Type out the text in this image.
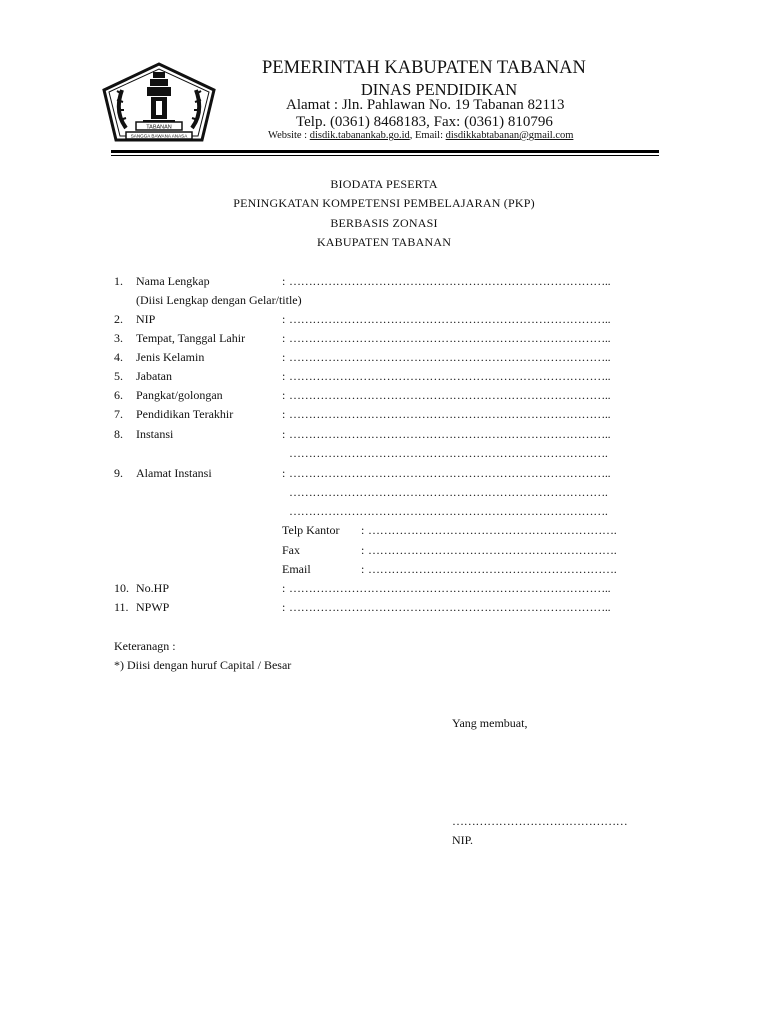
TABANAN
SANGGA BAWANA ANASA
PEMERINTAH KABUPATEN TABANAN
DINAS PENDIDIKAN
Alamat : Jln. Pahlawan No. 19 Tabanan 82113
Telp. (0361) 8468183, Fax: (0361) 810796
Website : disdik.tabanankab.go.id, Email: disdikkabtabanan@gmail.com
BIODATA PESERTA
PENINGKATAN KOMPETENSI PEMBELAJARAN (PKP)
BERBASIS ZONASI
KABUPATEN TABANAN
1. Nama Lengkap	: ………………………………………………………………………..
(Diisi Lengkap dengan Gelar/title)
2. NIP	: ………………………………………………………………………..
3. Tempat, Tanggal Lahir	: ………………………………………………………………………..
4. Jenis Kelamin	: ………………………………………………………………………..
5. Jabatan	: ………………………………………………………………………..
6. Pangkat/golongan	: ………………………………………………………………………..
7. Pendidikan Terakhir	: ………………………………………………………………………..
8. Instansi	: ………………………………………………………………………..
……………………………………………………………………….
9. Alamat Instansi	: ………………………………………………………………………..
……………………………………………………………………….
……………………………………………………………………….
Telp Kantor : ……………………………………………………….
Fax	: ……………………………………………………….
Email	: ……………………………………………………….
10. No.HP	: ………………………………………………………………………..
11. NPWP	: ………………………………………………………………………..
Keteranagn :
*) Diisi dengan huruf Capital / Besar
Yang membuat,
………………………………………
NIP.
